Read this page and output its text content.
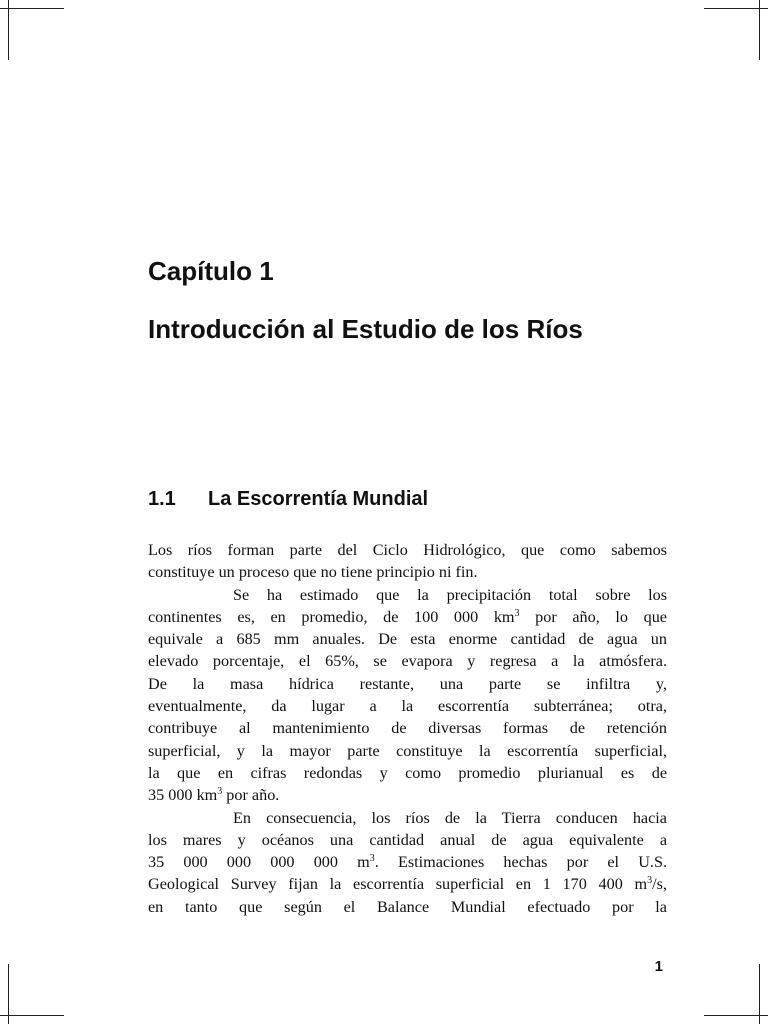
Capítulo 1
Introducción al Estudio de los Ríos
1.1 La Escorrentía Mundial
Los ríos forman parte del Ciclo Hidrológico, que como sabemos
constituye un proceso que no tiene principio ni fin.
Se ha estimado que la precipitación total sobre los
continentes es, en promedio, de 100 000 $km^3$ por año, lo que
equivale a 685 mm anuales. De esta enorme cantidad de agua un
elevado porcentaje, el 65%, se evapora y regresa a la atmósfera.
De la masa hídrica restante, una parte se infiltra y,
eventualmente, da lugar a la escorrentía subterránea; otra,
contribuye al mantenimiento de diversas formas de retención
superficial, y la mayor parte constituye la escorrentía superficial,
la que en cifras redondas y como promedio plurianual es de
35 000 $km^3$ por año.
En consecuencia, los ríos de la Tierra conducen hacia
los mares y océanos una cantidad anual de agua equivalente a
35 000 000 000 000 $m^3$. Estimaciones hechas por el U.S.
Geological Survey fijan la escorrentía superficial en 1 170 400 $m^3/s$,
en tanto que según el Balance Mundial efectuado por la
1
